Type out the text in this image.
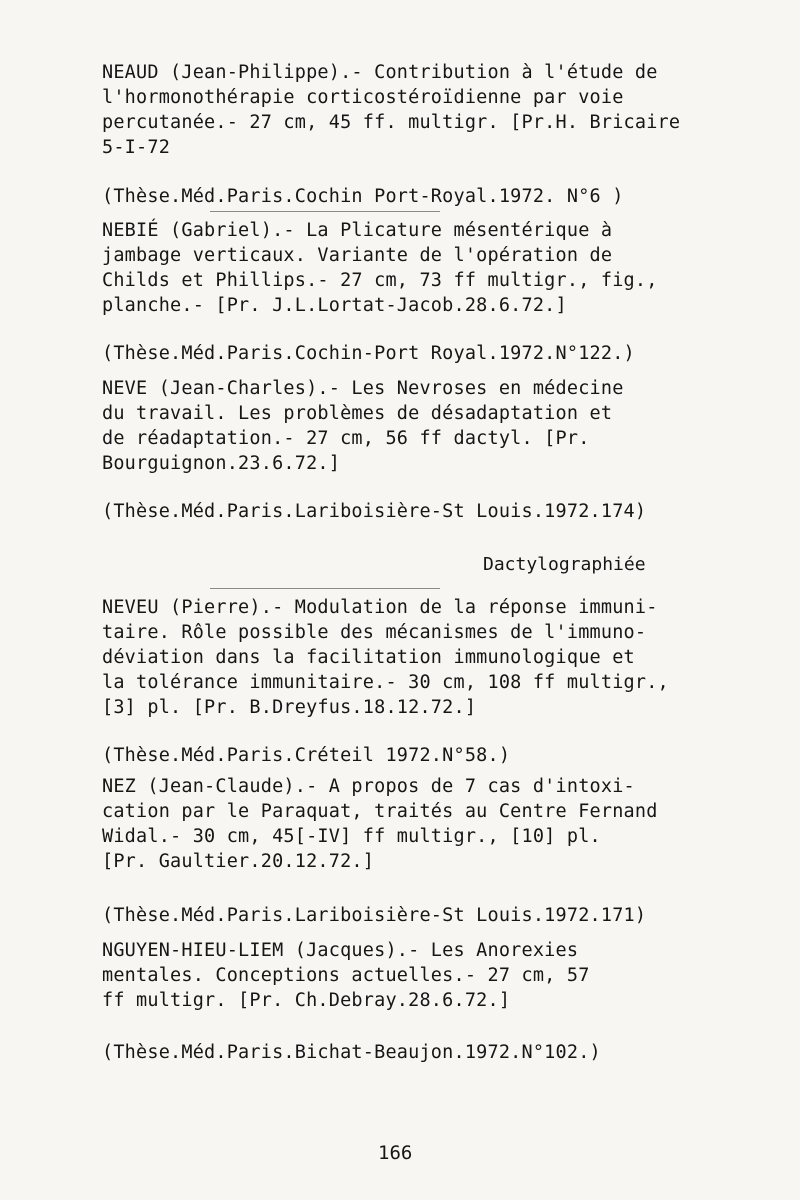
NEAUD (Jean-Philippe).- Contribution à l'étude de
l'hormonothérapie corticostéroïdienne par voie
percutanée.- 27 cm, 45 ff. multigr. [Pr.H. Bricaire
5-I-72
(Thèse.Méd.Paris.Cochin Port-Royal.1972. N°6 )
NEBIÉ (Gabriel).- La Plicature mésentérique à
jambage verticaux. Variante de l'opération de
Childs et Phillips.- 27 cm, 73 ff multigr., fig.,
planche.- [Pr. J.L.Lortat-Jacob.28.6.72.]
(Thèse.Méd.Paris.Cochin-Port Royal.1972.N°122.)
NEVE (Jean-Charles).- Les Nevroses en médecine
du travail. Les problèmes de désadaptation et
de réadaptation.- 27 cm, 56 ff dactyl. [Pr.
Bourguignon.23.6.72.]
(Thèse.Méd.Paris.Lariboisière-St Louis.1972.174)
Dactylographiée
NEVEU (Pierre).- Modulation de la réponse immuni-
taire. Rôle possible des mécanismes de l'immuno-
déviation dans la facilitation immunologique et
la tolérance immunitaire.- 30 cm, 108 ff multigr.,
[3] pl. [Pr. B.Dreyfus.18.12.72.]
(Thèse.Méd.Paris.Créteil 1972.N°58.)
NEZ (Jean-Claude).- A propos de 7 cas d'intoxi-
cation par le Paraquat, traités au Centre Fernand
Widal.- 30 cm, 45[-IV] ff multigr., [10] pl.
[Pr. Gaultier.20.12.72.]
(Thèse.Méd.Paris.Lariboisière-St Louis.1972.171)
NGUYEN-HIEU-LIEM (Jacques).- Les Anorexies
mentales. Conceptions actuelles.- 27 cm, 57
ff multigr. [Pr. Ch.Debray.28.6.72.]
(Thèse.Méd.Paris.Bichat-Beaujon.1972.N°102.)
166
